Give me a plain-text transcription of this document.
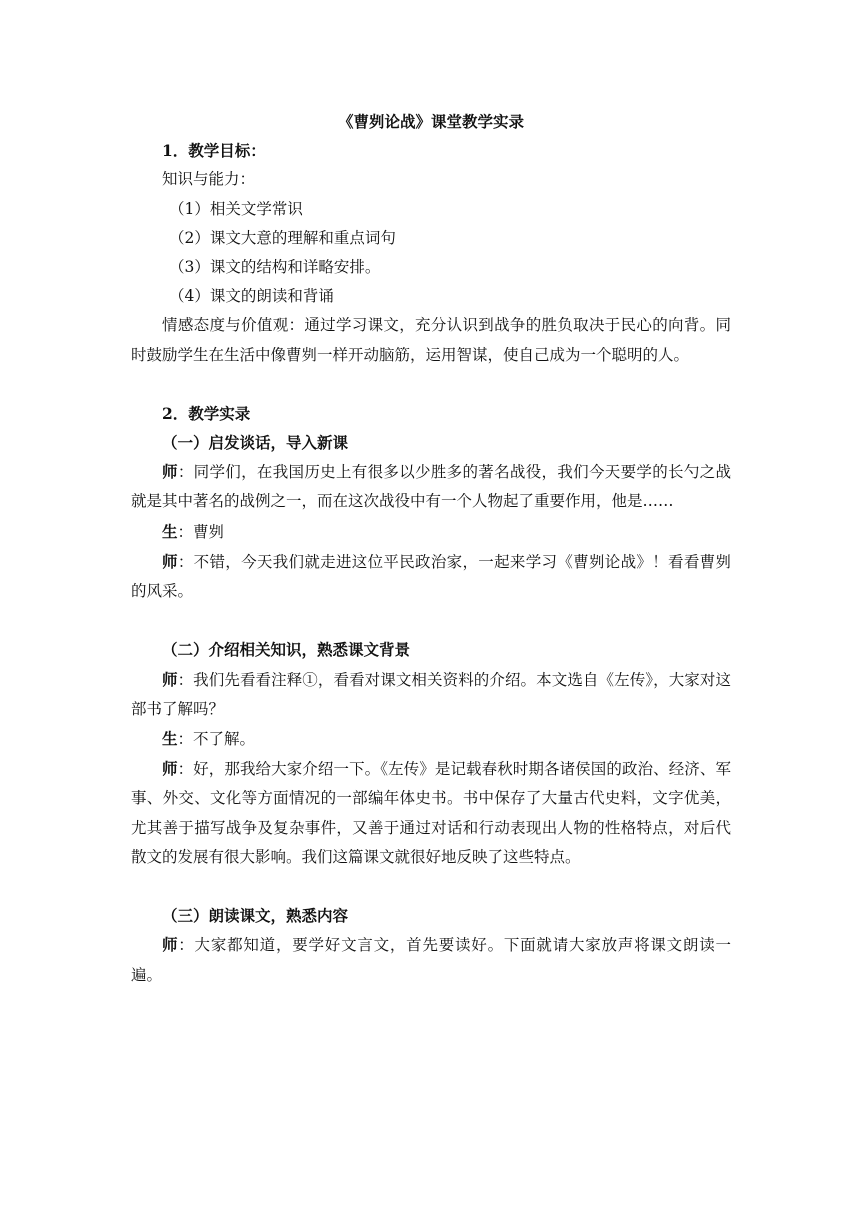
《曹刿论战》课堂教学实录
1．教学目标：
知识与能力：
（1）相关文学常识
（2）课文大意的理解和重点词句
（3）课文的结构和详略安排。
（4）课文的朗读和背诵

情感态度与价值观：通过学习课文，充分认识到战争的胜负取决于民心的向背。同时鼓励学生在生活中像曹刿一样开动脑筋，运用智谋，使自己成为一个聪明的人。

2．教学实录
（一）启发谈话，导入新课

师：同学们，在我国历史上有很多以少胜多的著名战役，我们今天要学的长勺之战就是其中著名的战例之一，而在这次战役中有一个人物起了重要作用，他是……

生：曹刿

师：不错，今天我们就走进这位平民政治家，一起来学习《曹刿论战》！看看曹刿的风采。

（二）介绍相关知识，熟悉课文背景

师：我们先看看注释①，看看对课文相关资料的介绍。本文选自《左传》，大家对这部书了解吗？

生：不了解。

师：好，那我给大家介绍一下。《左传》是记载春秋时期各诸侯国的政治、经济、军事、外交、文化等方面情况的一部编年体史书。书中保存了大量古代史料，文字优美，尤其善于描写战争及复杂事件，又善于通过对话和行动表现出人物的性格特点，对后代散文的发展有很大影响。我们这篇课文就很好地反映了这些特点。

（三）朗读课文，熟悉内容

师：大家都知道，要学好文言文，首先要读好。下面就请大家放声将课文朗读一遍。
